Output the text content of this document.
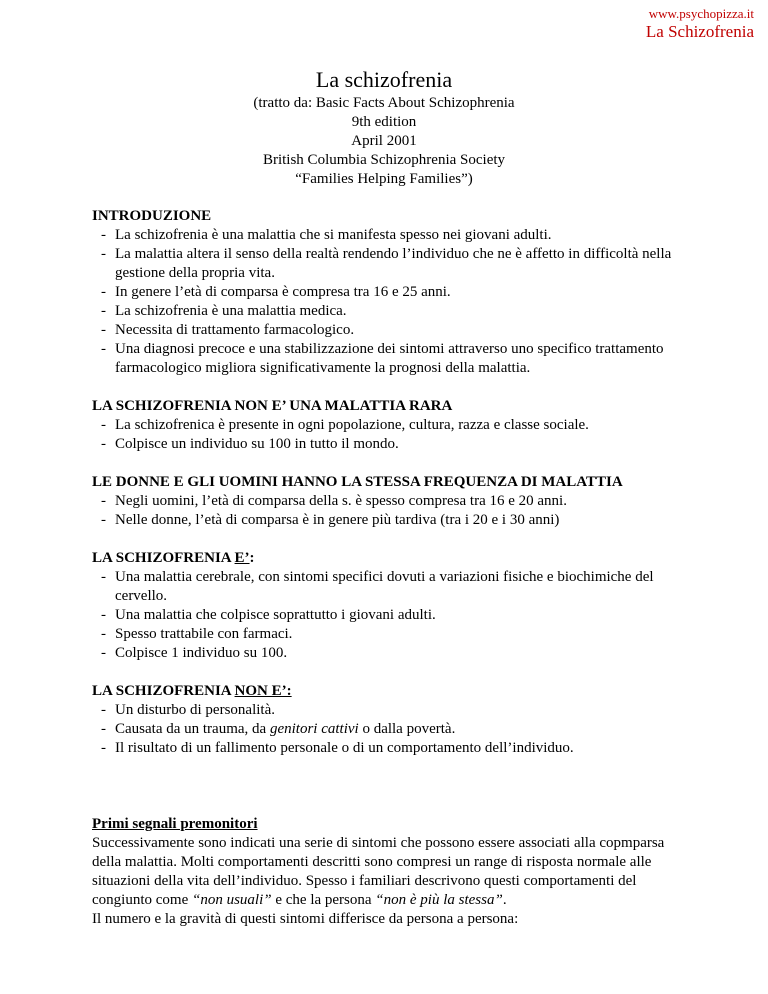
www.psychopizza.it
La Schizofrenia
La schizofrenia
(tratto da: Basic Facts About Schizophrenia
9th edition
April 2001
British Columbia Schizophrenia Society
“Families Helping Families”)
INTRODUZIONE
- La schizofrenia è una malattia che si manifesta spesso nei giovani adulti.
- La malattia altera il senso della realtà rendendo l’individuo che ne è affetto in difficoltà nella gestione della propria vita.
- In genere l’età di comparsa è compresa tra 16 e 25 anni.
- La schizofrenia è una malattia medica.
- Necessita di trattamento farmacologico.
- Una diagnosi precoce e una stabilizzazione dei sintomi attraverso uno specifico trattamento farmacologico migliora significativamente la prognosi della malattia.
LA SCHIZOFRENIA NON E’ UNA MALATTIA RARA
- La schizofrenica è presente in ogni popolazione, cultura, razza e classe sociale.
- Colpisce un individuo su 100 in tutto il mondo.
LE DONNE E GLI UOMINI HANNO LA STESSA FREQUENZA DI MALATTIA
- Negli uomini, l’età di comparsa della s. è spesso compresa tra 16 e 20 anni.
- Nelle donne, l’età di comparsa è in genere più tardiva (tra i 20 e i 30 anni)
LA SCHIZOFRENIA E’:
- Una malattia cerebrale, con sintomi specifici dovuti a variazioni fisiche e biochimiche del cervello.
- Una malattia che colpisce soprattutto i giovani adulti.
- Spesso trattabile con farmaci.
- Colpisce 1 individuo su 100.
LA SCHIZOFRENIA NON E’:
- Un disturbo di personalità.
- Causata da un trauma, da genitori cattivi o dalla povertà.
- Il risultato di un fallimento personale o di un comportamento dell’individuo.
Primi segnali premonitori

Successivamente sono indicati una serie di sintomi che possono essere associati alla copmparsa della malattia. Molti comportamenti descritti sono compresi un range di risposta normale alle situazioni della vita dell’individuo. Spesso i familiari descrivono questi comportamenti del congiunto come “non usuali” e che la persona “non è più la stessa”.

Il numero e la gravità di questi sintomi differisce da persona a persona:
